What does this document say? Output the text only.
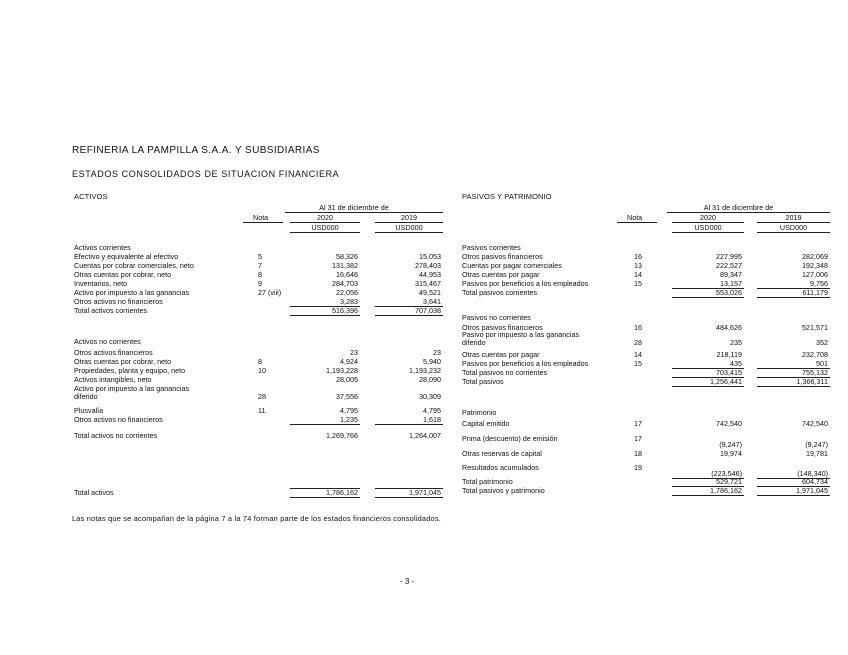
REFINERIA LA PAMPILLA S.A.A. Y SUBSIDIARIAS
ESTADOS CONSOLIDADOS DE SITUACION FINANCIERA
ACTIVOS
Al 31 de diciembre de
Nota	2020	2019
USD000	USD000
Activos corrientes
Efectivo y equivalente al efectivo	5	58,326	15,053
Cuentas por cobrar comerciales, neto	7	131,382	278,403
Otras cuentas por cobrar, neto	8	16,646	44,953
Inventarios, neto	9	284,703	315,467
Activo por impuesto a las ganancias	27 (viii)	22,056	49,521
Otros activos no financieros	3,283	3,641
Total activos corrientes	516,396	707,038
Activos no corrientes
Otros activos financieros	23	23
Otras cuentas por cobrar, neto	8	4,924	5,940
Propiedades, planta y equipo, neto	10	1,193,228	1,193,232
Activos intangibles, neto	28,005	28,090
Activo por impuesto a las ganancias
diferido	28	37,556	30,309
Plusvalía	11	4,795	4,795
Otros activos no financieros	1,235	1,618
Total activos no corrientes	1,269,766	1,264,007
Total activos	1,786,162	1,971,045
PASIVOS Y PATRIMONIO
Al 31 de diciembre de
Nota	2020	2019
USD000	USD000
Pasivos corrientes
Otros pasivos financieros	16	227,995	282,069
Cuentas por pagar comerciales	13	222,527	192,348
Otras cuentas por pagar	14	89,347	127,006
Pasivos por beneficios a los empleados	15	13,157	9,756
Total pasivos corrientes	553,026	611,179
Pasivos no corrientes
Otros pasivos financieros	16	484,626	521,571
Pasivo por impuesto a las ganancias
diferido	28	235	352
Otras cuentas por pagar	14	218,119	232,708
Pasivos por beneficios a los empleados	15	435	501
Total pasivos no corrientes	703,415	755,132
Total pasivos	1,256,441	1,366,311
Patrimonio
Capital emitido	17	742,540	742,540
Prima (descuento) de emisión	17
(9,247)	(9,247)
Otras reservas de capital	18	19,974	19,781
Resultados acumulados	19
(223,546)	(148,340)
Total patrimonio	529,721	604,734
Total pasivos y patrimonio	1,786,162	1,971,045
Las notas que se acompañan de la página 7 a la 74 forman parte de los estados financieros consolidados.
- 3 -
